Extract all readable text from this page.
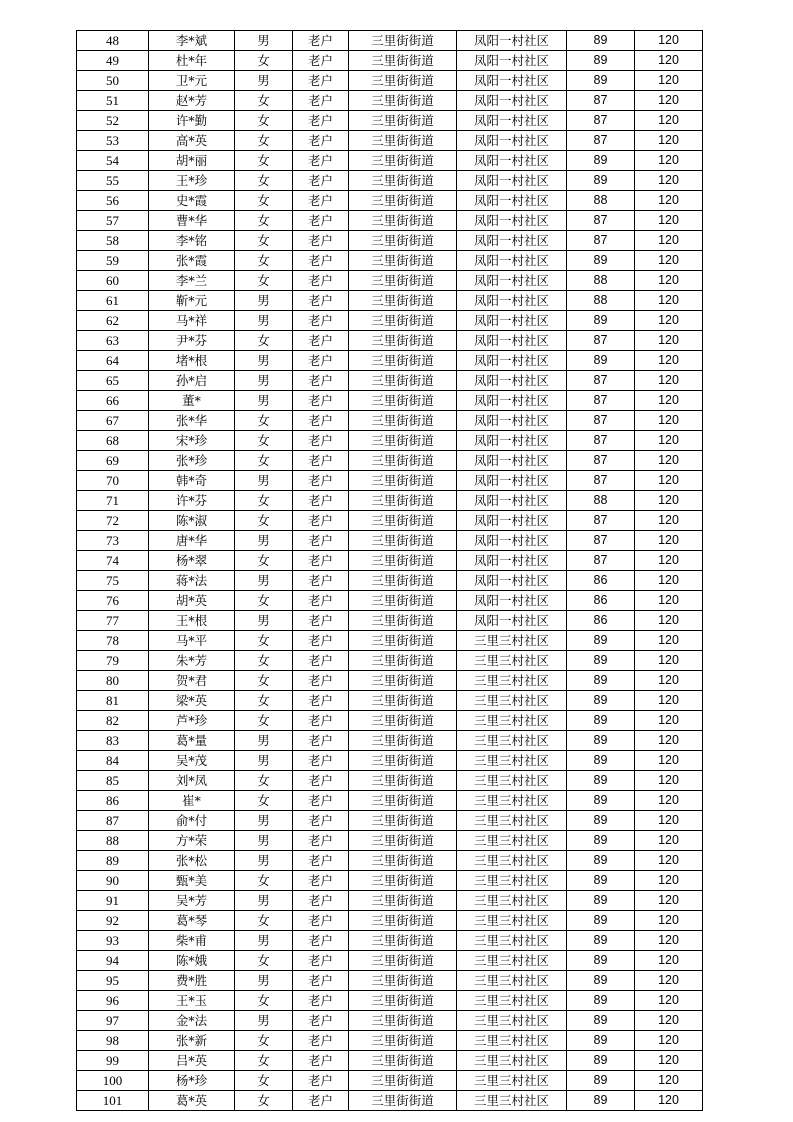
48	李*斌	男	老户	三里街街道	凤阳一村社区	89	120
49	杜*年	女	老户	三里街街道	凤阳一村社区	89	120
50	卫*元	男	老户	三里街街道	凤阳一村社区	89	120
51	赵*芳	女	老户	三里街街道	凤阳一村社区	87	120
52	许*勤	女	老户	三里街街道	凤阳一村社区	87	120
53	高*英	女	老户	三里街街道	凤阳一村社区	87	120
54	胡*丽	女	老户	三里街街道	凤阳一村社区	89	120
55	王*珍	女	老户	三里街街道	凤阳一村社区	89	120
56	史*霞	女	老户	三里街街道	凤阳一村社区	88	120
57	曹*华	女	老户	三里街街道	凤阳一村社区	87	120
58	李*铭	女	老户	三里街街道	凤阳一村社区	87	120
59	张*霞	女	老户	三里街街道	凤阳一村社区	89	120
60	李*兰	女	老户	三里街街道	凤阳一村社区	88	120
61	靳*元	男	老户	三里街街道	凤阳一村社区	88	120
62	马*祥	男	老户	三里街街道	凤阳一村社区	89	120
63	尹*芬	女	老户	三里街街道	凤阳一村社区	87	120
64	堵*根	男	老户	三里街街道	凤阳一村社区	89	120
65	孙*启	男	老户	三里街街道	凤阳一村社区	87	120
66	董*	男	老户	三里街街道	凤阳一村社区	87	120
67	张*华	女	老户	三里街街道	凤阳一村社区	87	120
68	宋*珍	女	老户	三里街街道	凤阳一村社区	87	120
69	张*珍	女	老户	三里街街道	凤阳一村社区	87	120
70	韩*奇	男	老户	三里街街道	凤阳一村社区	87	120
71	许*芬	女	老户	三里街街道	凤阳一村社区	88	120
72	陈*淑	女	老户	三里街街道	凤阳一村社区	87	120
73	唐*华	男	老户	三里街街道	凤阳一村社区	87	120
74	杨*翠	女	老户	三里街街道	凤阳一村社区	87	120
75	蒋*法	男	老户	三里街街道	凤阳一村社区	86	120
76	胡*英	女	老户	三里街街道	凤阳一村社区	86	120
77	王*根	男	老户	三里街街道	凤阳一村社区	86	120
78	马*平	女	老户	三里街街道	三里三村社区	89	120
79	朱*芳	女	老户	三里街街道	三里三村社区	89	120
80	贺*君	女	老户	三里街街道	三里三村社区	89	120
81	梁*英	女	老户	三里街街道	三里三村社区	89	120
82	芦*珍	女	老户	三里街街道	三里三村社区	89	120
83	葛*量	男	老户	三里街街道	三里三村社区	89	120
84	吴*茂	男	老户	三里街街道	三里三村社区	89	120
85	刘*凤	女	老户	三里街街道	三里三村社区	89	120
86	崔*	女	老户	三里街街道	三里三村社区	89	120
87	俞*付	男	老户	三里街街道	三里三村社区	89	120
88	方*荣	男	老户	三里街街道	三里三村社区	89	120
89	张*松	男	老户	三里街街道	三里三村社区	89	120
90	甄*美	女	老户	三里街街道	三里三村社区	89	120
91	吴*芳	男	老户	三里街街道	三里三村社区	89	120
92	葛*琴	女	老户	三里街街道	三里三村社区	89	120
93	柴*甫	男	老户	三里街街道	三里三村社区	89	120
94	陈*娥	女	老户	三里街街道	三里三村社区	89	120
95	费*胜	男	老户	三里街街道	三里三村社区	89	120
96	王*玉	女	老户	三里街街道	三里三村社区	89	120
97	金*法	男	老户	三里街街道	三里三村社区	89	120
98	张*新	女	老户	三里街街道	三里三村社区	89	120
99	吕*英	女	老户	三里街街道	三里三村社区	89	120
100	杨*珍	女	老户	三里街街道	三里三村社区	89	120
101	葛*英	女	老户	三里街街道	三里三村社区	89	120
